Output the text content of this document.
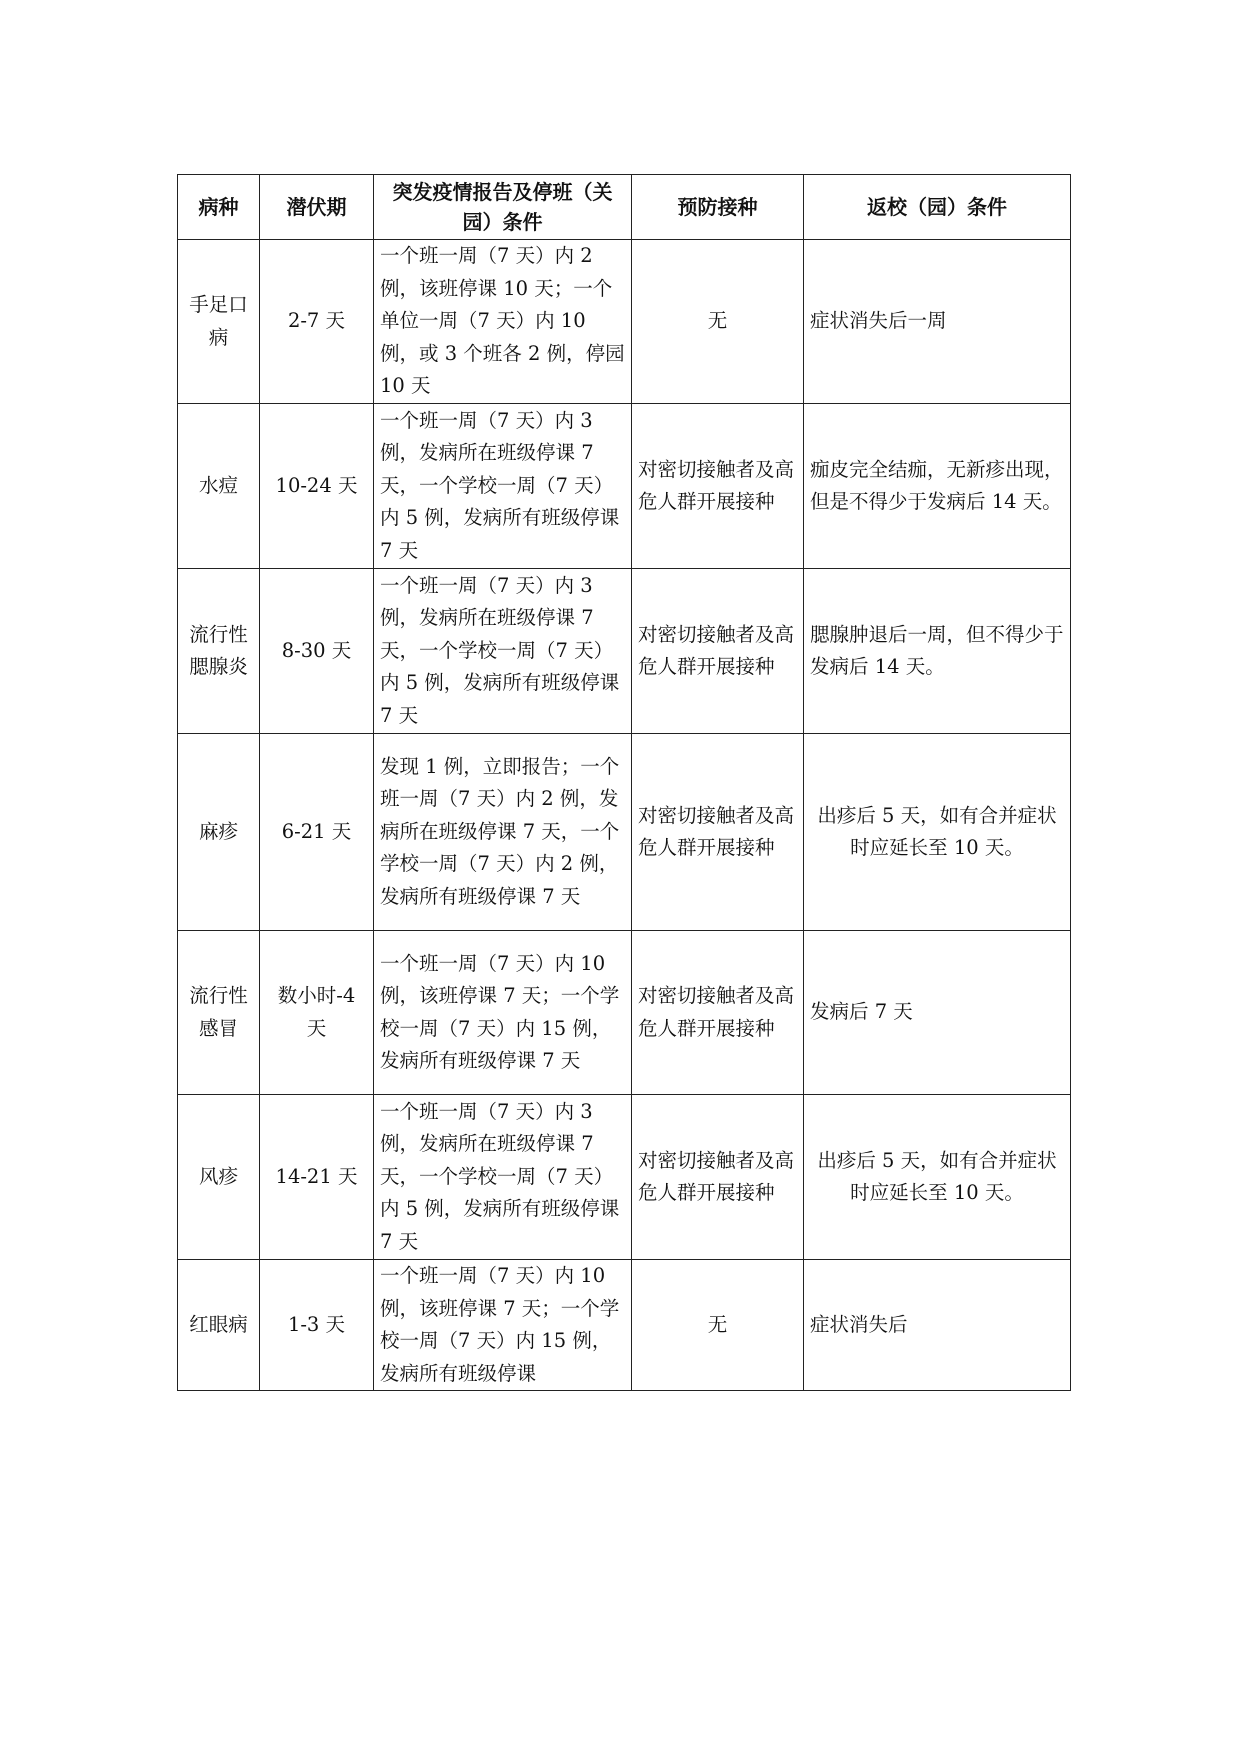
病种	潜伏期	突发疫情报告及停班（关园）条件	预防接种	返校（园）条件
手足口病	2-7 天	一个班一周（7 天）内 2 例，该班停课 10 天；一个单位一周（7 天）内 10 例，或 3 个班各 2 例，停园 10 天	无	症状消失后一周
水痘	10-24 天	一个班一周（7 天）内 3 例，发病所在班级停课 7 天，一个学校一周（7 天）内 5 例，发病所有班级停课 7 天	对密切接触者及高危人群开展接种	痂皮完全结痂，无新疹出现，但是不得少于发病后 14 天。
流行性腮腺炎	8-30 天	一个班一周（7 天）内 3 例，发病所在班级停课 7 天，一个学校一周（7 天）内 5 例，发病所有班级停课 7 天	对密切接触者及高危人群开展接种	腮腺肿退后一周，但不得少于发病后 14 天。
麻疹	6-21 天	发现 1 例，立即报告；一个班一周（7 天）内 2 例，发病所在班级停课 7 天，一个学校一周（7 天）内 2 例，发病所有班级停课 7 天	对密切接触者及高危人群开展接种	出疹后 5 天，如有合并症状时应延长至 10 天。
流行性感冒	数小时-4 天	一个班一周（7 天）内 10 例，该班停课 7 天；一个学校一周（7 天）内 15 例，发病所有班级停课 7 天	对密切接触者及高危人群开展接种	发病后 7 天
风疹	14-21 天	一个班一周（7 天）内 3 例，发病所在班级停课 7 天，一个学校一周（7 天）内 5 例，发病所有班级停课 7 天	对密切接触者及高危人群开展接种	出疹后 5 天，如有合并症状时应延长至 10 天。
红眼病	1-3 天	一个班一周（7 天）内 10 例，该班停课 7 天；一个学校一周（7 天）内 15 例，发病所有班级停课	无	症状消失后
